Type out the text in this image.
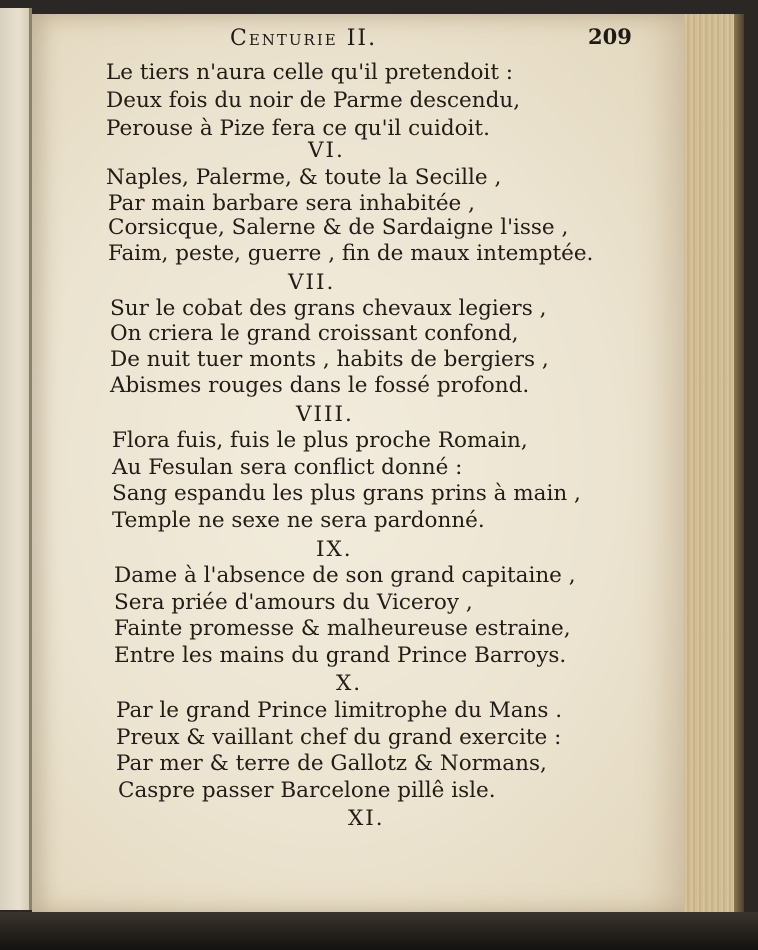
Centurie II.	209
Le tiers n'aura celle qu'il pretendoit :
Deux fois du noir de Parme descendu,
Perouse à Pize fera ce qu'il cuidoit.
VI.
Naples, Palerme, & toute la Secille ,
Par main barbare sera inhabitée ,
Corsicque, Salerne & de Sardaigne l'isse ,
Faim, peste, guerre , fin de maux intemptée.
VII.
Sur le cobat des grans chevaux legiers ,
On criera le grand croissant confond,
De nuit tuer monts , habits de bergiers ,
Abismes rouges dans le fossé profond.
VIII.
Flora fuis, fuis le plus proche Romain,
Au Fesulan sera conflict donné :
Sang espandu les plus grans prins à main ,
Temple ne sexe ne sera pardonné.
IX.
Dame à l'absence de son grand capitaine ,
Sera priée d'amours du Viceroy ,
Fainte promesse & malheureuse estraine,
Entre les mains du grand Prince Barroys.
X.
Par le grand Prince limitrophe du Mans .
Preux & vaillant chef du grand exercite :
Par mer & terre de Gallotz & Normans,
Caspre passer Barcelone pillê isle.
XI.
